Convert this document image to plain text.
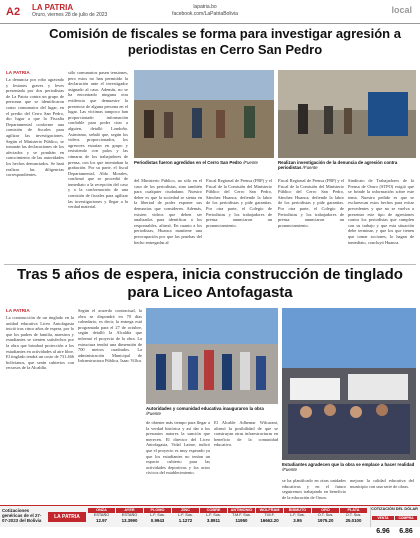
A2 LA PATRIA
Oruro, viernes 28 de julio de 2023
lapatria.bo
facebook.com/LaPatriaBolivia	local
Comisión de fiscales se forma para investigar agresión a periodistas en Cerro San Pedro
LA PATRIA

La denuncia por robo agravado y lesiones graves y leves presentada por dos periodistas de La Patria contra un grupo de personas que se identificaron como comunarios del lugar, en el predio del Cerro San Pedro, dio lugar a que la Fiscalía Departamental conforme una comisión de fiscales para agilizar las investigaciones. Según el Ministerio Público, se tomarán las declaraciones de los afectados y se pondrán en conocimiento de las autoridades los hechos denunciados. Se hará realizar las diligencias correspondientes.

sólo comunarios pasen tensiones, pero estos no han permitido la declaración ante el investigador asignado al caso. Además, no se ha encontrado ninguna otra evidencia que demuestre la presencia de alguna persona en el lugar. Las víctimas tampoco han proporcionado información confiable para poder citar a alguien, detalló Londoño. Asimismo, señaló que, según los videos proporcionados, los agresores estarían en grupo y resistiendo con palos y las cámaras de los trabajadores de prensa, con los que intentaban la grabación. Por su parte, el fiscal Departamental, Aldo Morales, confirmó que se procedió de inmediato a la recepción del caso y a la conformación de una comisión de fiscales para agilizar las investigaciones y llegar a la verdad material.

Periodistas fueron agredidos en el Cerro San Pedro /Fuente	Realizan investigación de la denuncia de agresión contra periodistas /Fuente

del Ministerio Público, no sólo en el caso de los periodistas, sino también para cualquier ciudadano. Nuestro deber es que la sociedad se sienta en la libertad de poder exponer sus denuncias que consideren. Además, existen videos que deben ser analizados para identificar a los responsables, afirmó. En cuanto a los periodistas, Huanca mantiene una preocupación por que las pruebas del hecho entregadas al

Fiscal Regional de Prensa (FRP) y el Fiscal de la Comisión del Ministerio Público del Cerro San Pedro, Sánchez Huanca, defiende la labor de los periodistas y pide garantías. Por otra parte, el Colegio de Periodistas y los trabajadores de prensa anunciaron un pronunciamiento.

Fiscal Regional de Prensa (FRP) y el Fiscal de la Comisión del Ministerio Público del Cerro San Pedro, Sánchez Huanca, defiende la labor de los periodistas y pide garantías. Por otra parte, el Colegio de Periodistas y los trabajadores de prensa anunciaron un pronunciamiento.

Sindicato de Trabajadores de la Prensa de Oruro (STPO) exigió que se brinde la información sobre este tema. Nuestro pedido es que se esclarezcan estos hechos para evitar precedentes y que no se vuelva a presentar este tipo de agresiones contra los periodistas que cumplen con su trabajo y que esta situación debe terminar, y que los que tienen que tomar acciones, lo hagan de inmediato, concluyó Huanca.

Tras 5 años de espera, inicia construcción de tinglado para Liceo Antofagasta
LA PATRIA

La construcción de un tinglado en la unidad educativa Liceo Antofagasta inició tras cinco años de espera, por lo que los padres de familia, maestros y estudiantes se sienten satisfechos por la obra que brindará protección a los estudiantes en actividades al aire libre. El tinglado tendrá un costo de 731.466 bolivianos, que serán cubiertos con recursos de la Alcaldía.

Según el acuerdo contractual, la obra se dispondrá en 70 días calendario, es decir, la entrega está programada para el 27 de octubre, según detalló la Alcaldía que informó el proyecto de la obra. La estructura tendrá una dimensión de 700 metros cuadrados. La administración Municipal de Infraestructura Pública, Isaac Villca.

Autoridades y comunidad educativa inauguraron la obra /Fuente
Estudiantes agradecen que la obra se emplace a hacer realidad /Fuente

de obtener más tiempo para llegar a la verdad histórica y así dar a los presuntos autores la sanción que merecen. El director del Liceo Antofagasta, Vidal Laime, indicó que el proyecto es muy esperado ya que los estudiantes no tenían un espacio cubierto para las actividades deportivas y los actos cívicos del establecimiento.

El Alcalde Adhemar Wilcarani, afirmó la posibilidad de que se construyan otras infraestructuras en beneficio de la comunidad educativa.

se ha planificado en otras unidades educativas y en el futuro seguiremos trabajando en beneficio de la educación de Oruro.

mejorar la calidad educativa del municipio con una serie de obras.

Cotizaciones genéricas de el 27-07-2023 del Bolivia
LA PATRIA
ONZA
ESTAÑO
12.97
AYER
ESTAÑO
13.3990
PLOMO
L.F. Sus.
0.9943
ZINC
L.F. Sus.
1.1272
COBRE
L.F. Sus.
3.8911
ANTIMONIO
T.M.F. Sus.
11950
WOLFRAM
T.M.F.
16662.20
BISMUTO
L.F. Sus.
3.95
ORO
O.T. Sus.
1975.20
PLATA
O.T. Sus.
25.0100
COTIZACIÓN DEL DÓLAR
VENTA
6.96
COMPRA
6.86
